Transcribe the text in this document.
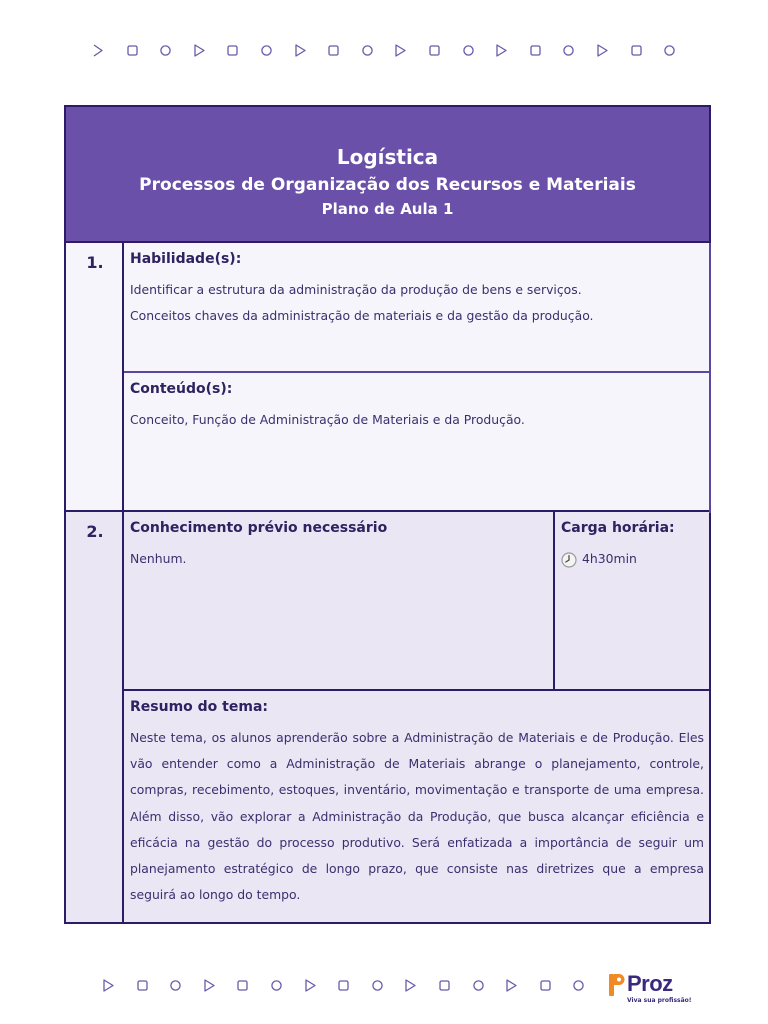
Logística
Processos de Organização dos Recursos e Materiais
Plano de Aula 1
1.	Habilidade(s):
Identificar a estrutura da administração da produção de bens e serviços.
Conceitos chaves da administração de materiais e da gestão da produção.
Conteúdo(s):
Conceito, Função de Administração de Materiais e da Produção.
2.	Conhecimento prévio necessário
Nenhum.
Carga horária:
4h30min
Resumo do tema:
Neste tema, os alunos aprenderão sobre a Administração de Materiais e de Produção. Eles vão entender como a Administração de Materiais abrange o planejamento, controle, compras, recebimento, estoques, inventário, movimentação e transporte de uma empresa. Além disso, vão explorar a Administração da Produção, que busca alcançar eficiência e eficácia na gestão do processo produtivo. Será enfatizada a importância de seguir um planejamento estratégico de longo prazo, que consiste nas diretrizes que a empresa seguirá ao longo do tempo.
Proz
Viva sua profissão!
